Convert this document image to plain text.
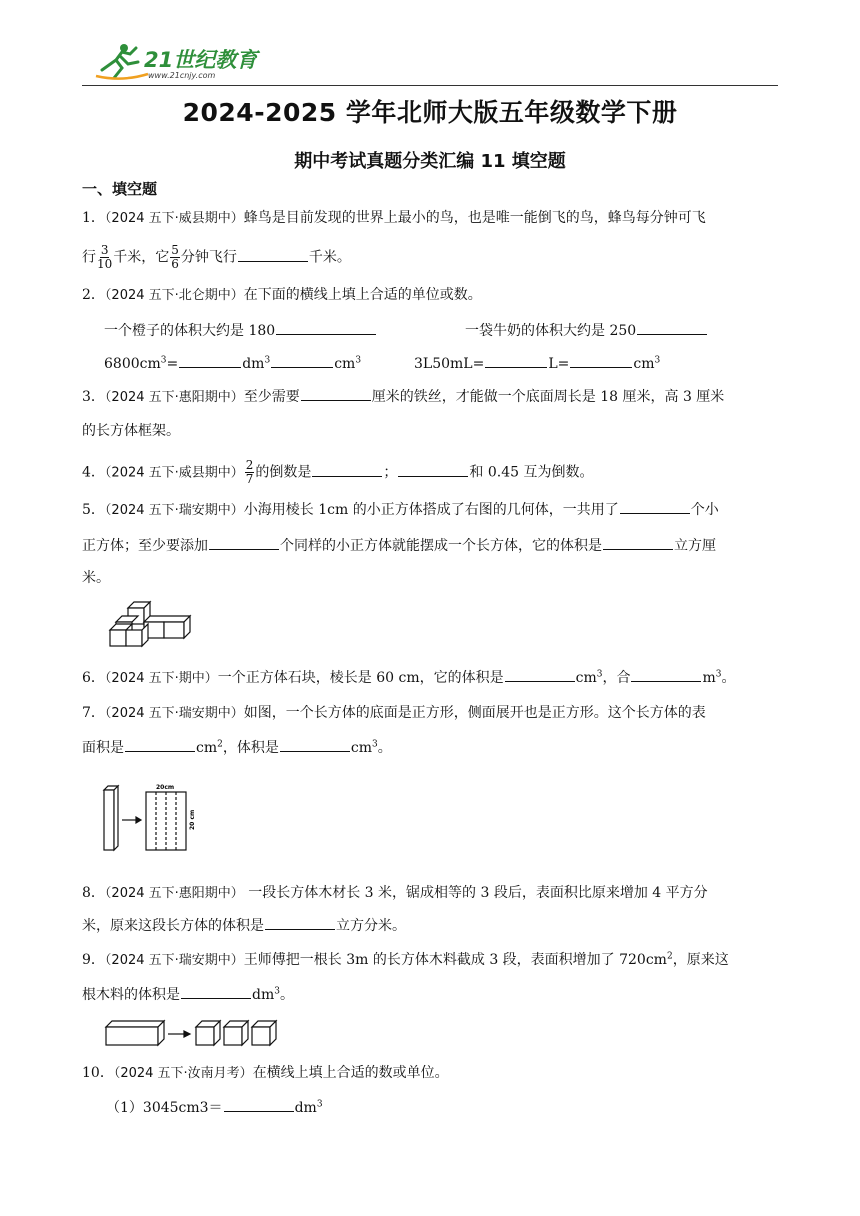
21世纪教育
www.21cnjy.com
2024-2025 学年北师大版五年级数学下册
期中考试真题分类汇编 11 填空题
一、填空题
1．（2024 五下·威县期中）蜂鸟是目前发现的世界上最小的鸟，也是唯一能倒飞的鸟，蜂鸟每分钟可飞
行 $\frac{3}{10}$ 千米，它 $\frac{5}{6}$ 分钟飞行	千米。
2．（2024 五下·北仑期中）在下面的横线上填上合适的单位或数。
一个橙子的体积大约是 180	一袋牛奶的体积大约是 250
$6800cm^3=$	$dm^3$	$cm^3$	3L50mL=	L=	$cm^3$
3．（2024 五下·惠阳期中）至少需要	厘米的铁丝，才能做一个底面周长是 18 厘米，高 3 厘米
的长方体框架。
4．（2024 五下·威县期中） $\frac{2}{7}$ 的倒数是	；	和 0.45 互为倒数。
5．（2024 五下·瑞安期中）小海用棱长 1cm 的小正方体搭成了右图的几何体，一共用了	个小
正方体；至少要添加	个同样的小正方体就能摆成一个长方体，它的体积是	立方厘
米。
6．（2024 五下·期中）一个正方体石块，棱长是 60 cm，它的体积是	$cm^3$，合	$m^3$。
7．（2024 五下·瑞安期中）如图，一个长方体的底面是正方形，侧面展开也是正方形。这个长方体的表
面积是	$cm^2$，体积是	$cm^3$。
20cm
20 cm
8．（2024 五下·惠阳期中） 一段长方体木材长 3 米，锯成相等的 3 段后，表面积比原来增加 4 平方分
米，原来这段长方体的体积是	立方分米。
9．（2024 五下·瑞安期中）王师傅把一根长 3m 的长方体木料截成 3 段，表面积增加了 $720cm^2$，原来这
根木料的体积是	$dm^3$。
10．（2024 五下·汝南月考）在横线上填上合适的数或单位。
（1）3045cm3＝	$dm^3$
